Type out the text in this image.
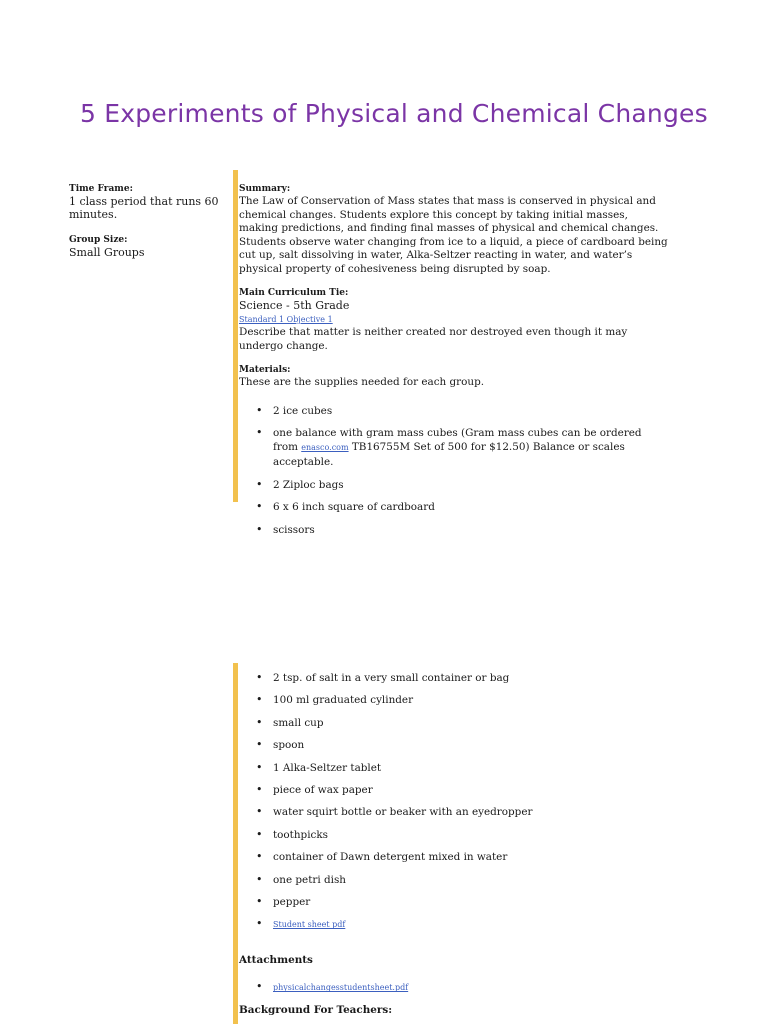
5 Experiments of Physical and Chemical Changes
Time Frame:
1 class period that runs 60 minutes.
Group Size:
Small Groups
Summary:
The Law of Conservation of Mass states that mass is conserved in physical and chemical changes. Students explore this concept by taking initial masses, making predictions, and finding final masses of physical and chemical changes. Students observe water changing from ice to a liquid, a piece of cardboard being cut up, salt dissolving in water, Alka-Seltzer reacting in water, and water’s physical property of cohesiveness being disrupted by soap.
Main Curriculum Tie:
Science - 5th Grade
Standard 1 Objective 1
Describe that matter is neither created nor destroyed even though it may undergo change.
Materials:
These are the supplies needed for each group.
• 2 ice cubes
• one balance with gram mass cubes (Gram mass cubes can be ordered from enasco.com TB16755M Set of 500 for $12.50) Balance or scales acceptable.
• 2 Ziploc bags
• 6 x 6 inch square of cardboard
• scissors
• 2 tsp. of salt in a very small container or bag
• 100 ml graduated cylinder
• small cup
• spoon
• 1 Alka-Seltzer tablet
• piece of wax paper
• water squirt bottle or beaker with an eyedropper
• toothpicks
• container of Dawn detergent mixed in water
• one petri dish
• pepper
• Student sheet pdf
Attachments
• physicalchangesstudentsheet.pdf
Background For Teachers:
